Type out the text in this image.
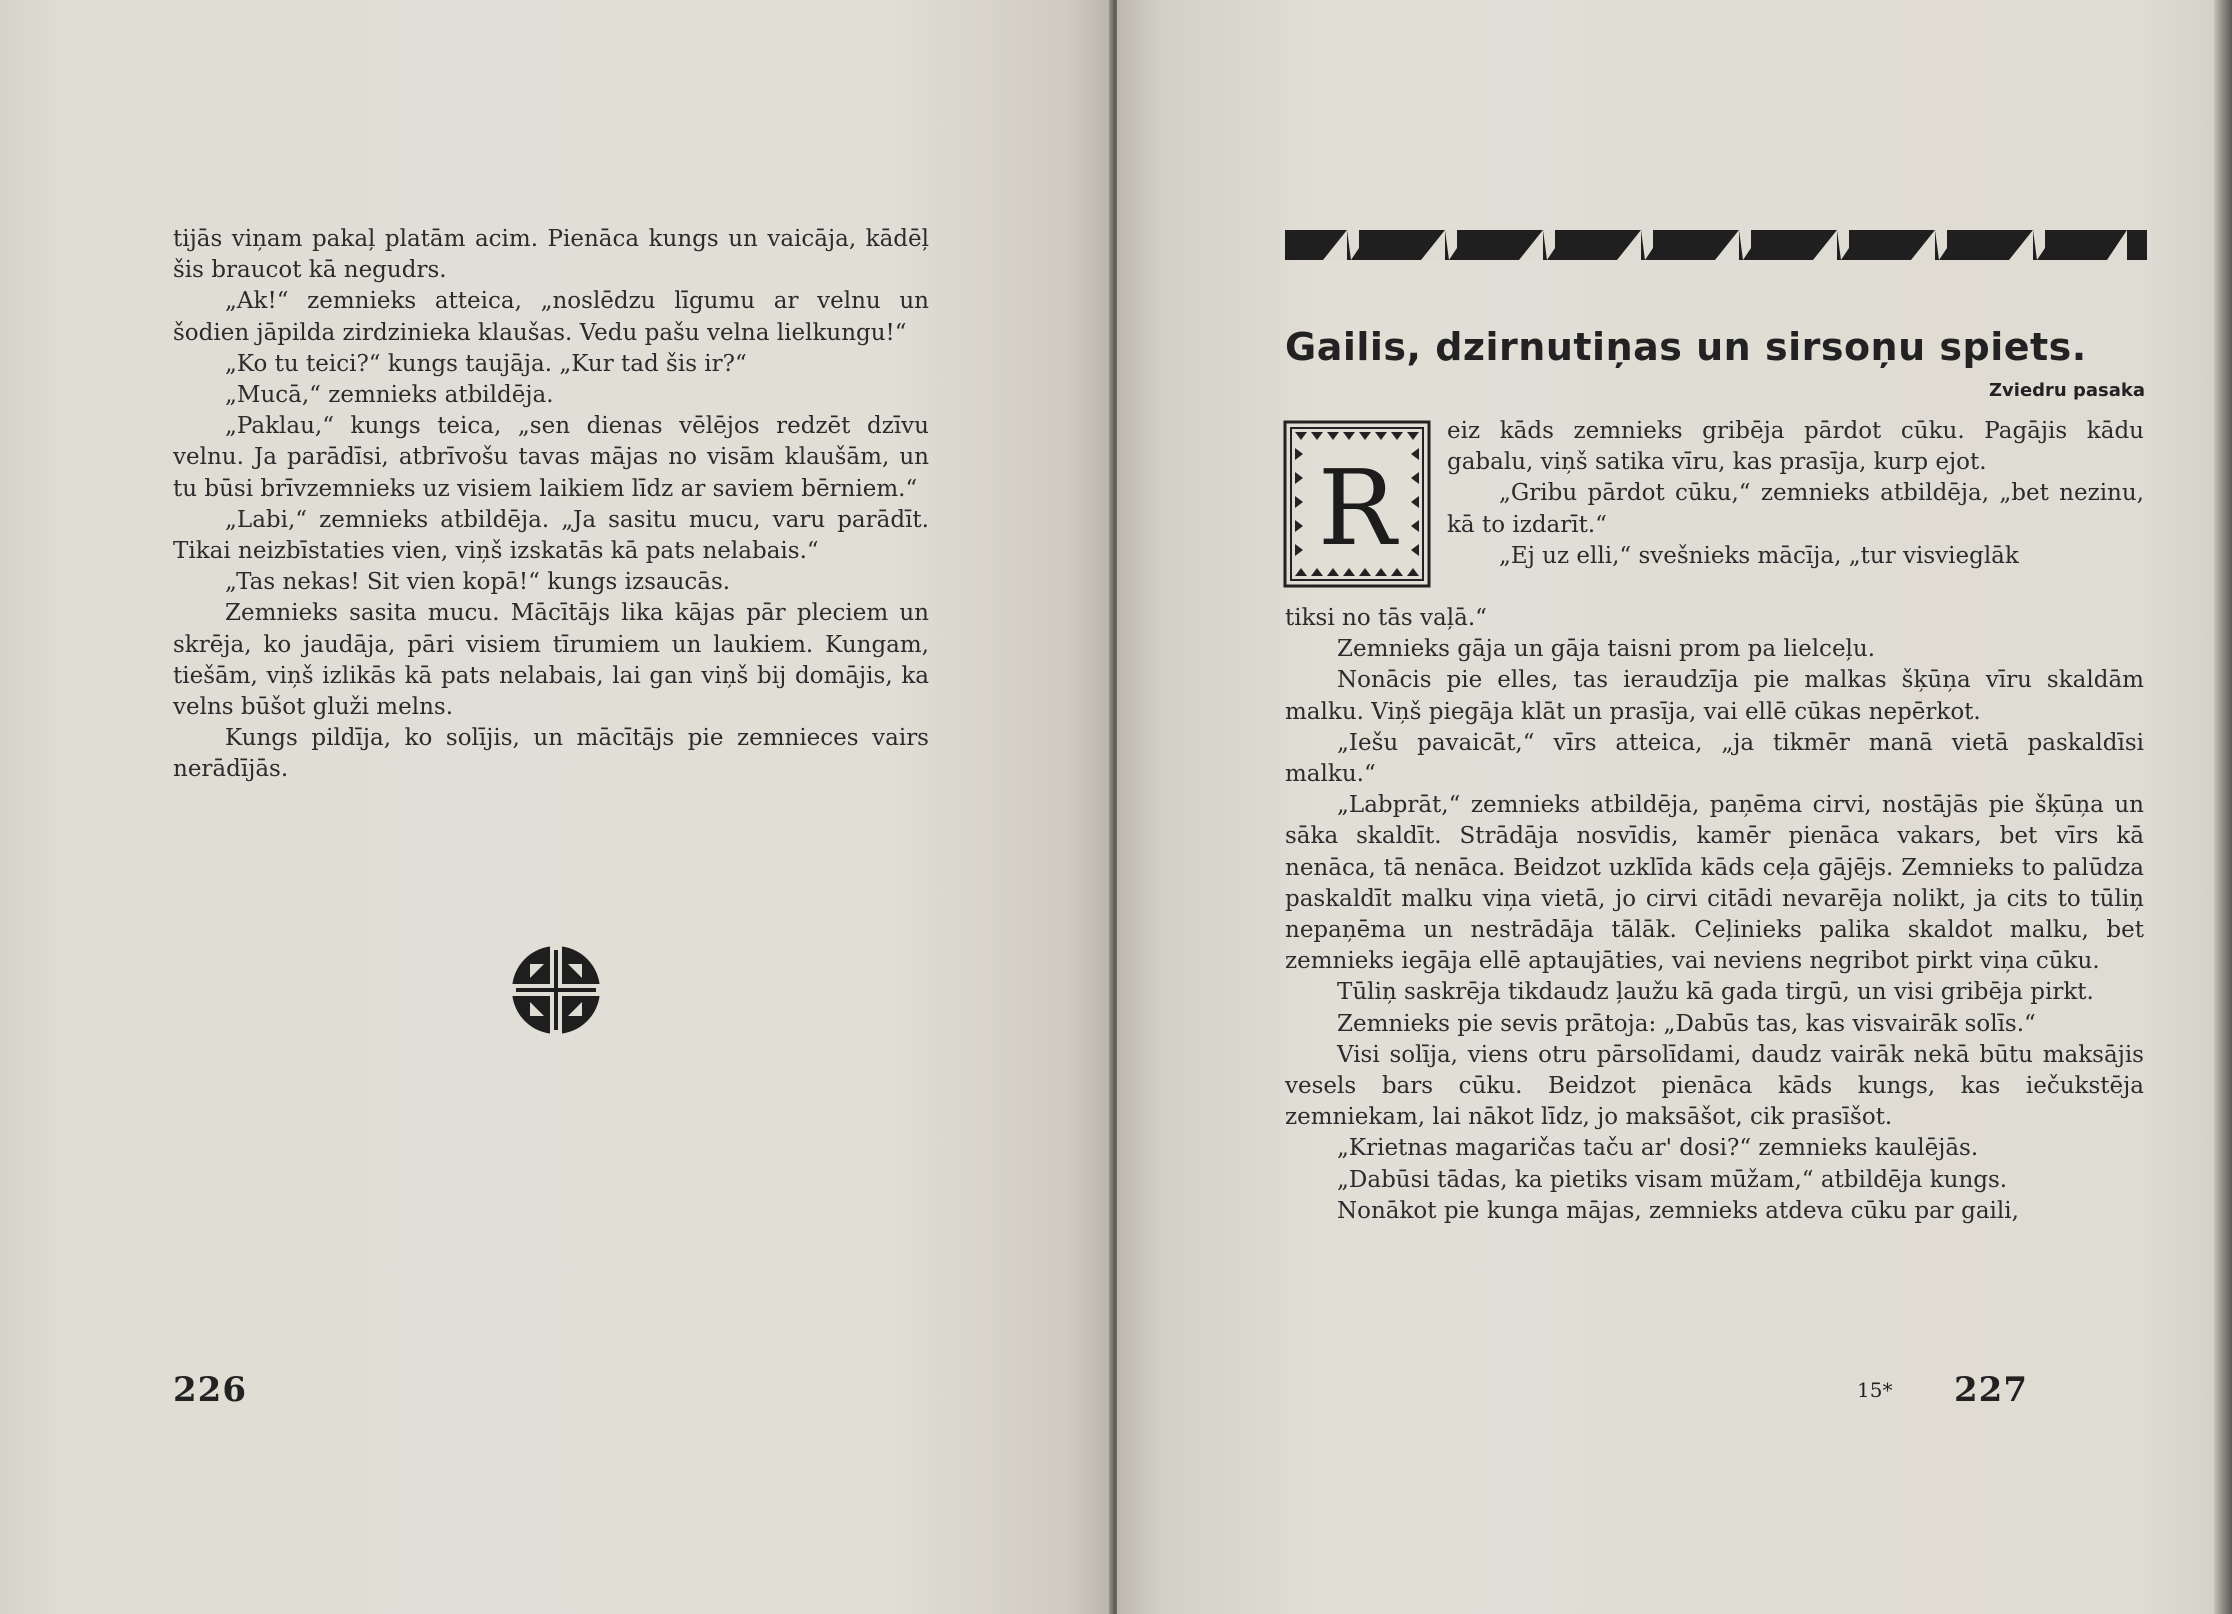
tijās viņam pakaļ platām acim. Pienāca kungs un vaicāja, kādēļ šis braucot kā negudrs.

„Ak!“ zemnieks atteica, „noslēdzu līgumu ar velnu un šodien jāpilda zirdzinieka klaušas. Vedu pašu velna lielkungu!“

„Ko tu teici?“ kungs taujāja. „Kur tad šis ir?“

„Mucā,“ zemnieks atbildēja.

„Paklau,“ kungs teica, „sen dienas vēlējos redzēt dzīvu velnu. Ja parādīsi, atbrīvošu tavas mājas no visām klaušām, un tu būsi brīvzemnieks uz visiem laikiem līdz ar saviem bērniem.“

„Labi,“ zemnieks atbildēja. „Ja sasitu mucu, varu parādīt. Tikai neizbīstaties vien, viņš izskatās kā pats nelabais.“

„Tas nekas! Sit vien kopā!“ kungs izsaucās.

Zemnieks sasita mucu. Mācītājs lika kājas pār pleciem un skrēja, ko jaudāja, pāri visiem tīrumiem un laukiem. Kungam, tiešām, viņš izlikās kā pats nelabais, lai gan viņš bij domājis, ka velns būšot gluži melns.

Kungs pildīja, ko solījis, un mācītājs pie zemnieces vairs nerādījās.

226
Gailis, dzirnutiņas un sirsoņu spiets.
Zviedru pasaka
R

eiz kāds zemnieks gribēja pārdot cūku. Pagājis kādu gabalu, viņš satika vīru, kas prasīja, kurp ejot.

„Gribu pārdot cūku,“ zemnieks atbildēja, „bet nezinu, kā to izdarīt.“

„Ej uz elli,“ svešnieks mācīja, „tur visvieglāk

tiksi no tās vaļā.“

Zemnieks gāja un gāja taisni prom pa lielceļu.

Nonācis pie elles, tas ieraudzīja pie malkas šķūņa vīru skaldām malku. Viņš piegāja klāt un prasīja, vai ellē cūkas nepērkot.

„Iešu pavaicāt,“ vīrs atteica, „ja tikmēr manā vietā paskaldīsi malku.“

„Labprāt,“ zemnieks atbildēja, paņēma cirvi, nostājās pie šķūņa un sāka skaldīt. Strādāja nosvīdis, kamēr pienāca vakars, bet vīrs kā nenāca, tā nenāca. Beidzot uzklīda kāds ceļa gājējs. Zemnieks to palūdza paskaldīt malku viņa vietā, jo cirvi citādi nevarēja nolikt, ja cits to tūliņ nepaņēma un nestrādāja tālāk. Ceļinieks palika skaldot malku, bet zemnieks iegāja ellē aptaujāties, vai neviens negribot pirkt viņa cūku.

Tūliņ saskrēja tikdaudz ļaužu kā gada tirgū, un visi gribēja pirkt.

Zemnieks pie sevis prātoja: „Dabūs tas, kas visvairāk solīs.“

Visi solīja, viens otru pārsolīdami, daudz vairāk nekā būtu maksājis vesels bars cūku. Beidzot pienāca kāds kungs, kas iečukstēja zemniekam, lai nākot līdz, jo maksāšot, cik prasīšot.

„Krietnas magaričas taču ar' dosi?“ zemnieks kaulējās.

„Dabūsi tādas, ka pietiks visam mūžam,“ atbildēja kungs.

Nonākot pie kunga mājas, zemnieks atdeva cūku par gaili,

15* 227
